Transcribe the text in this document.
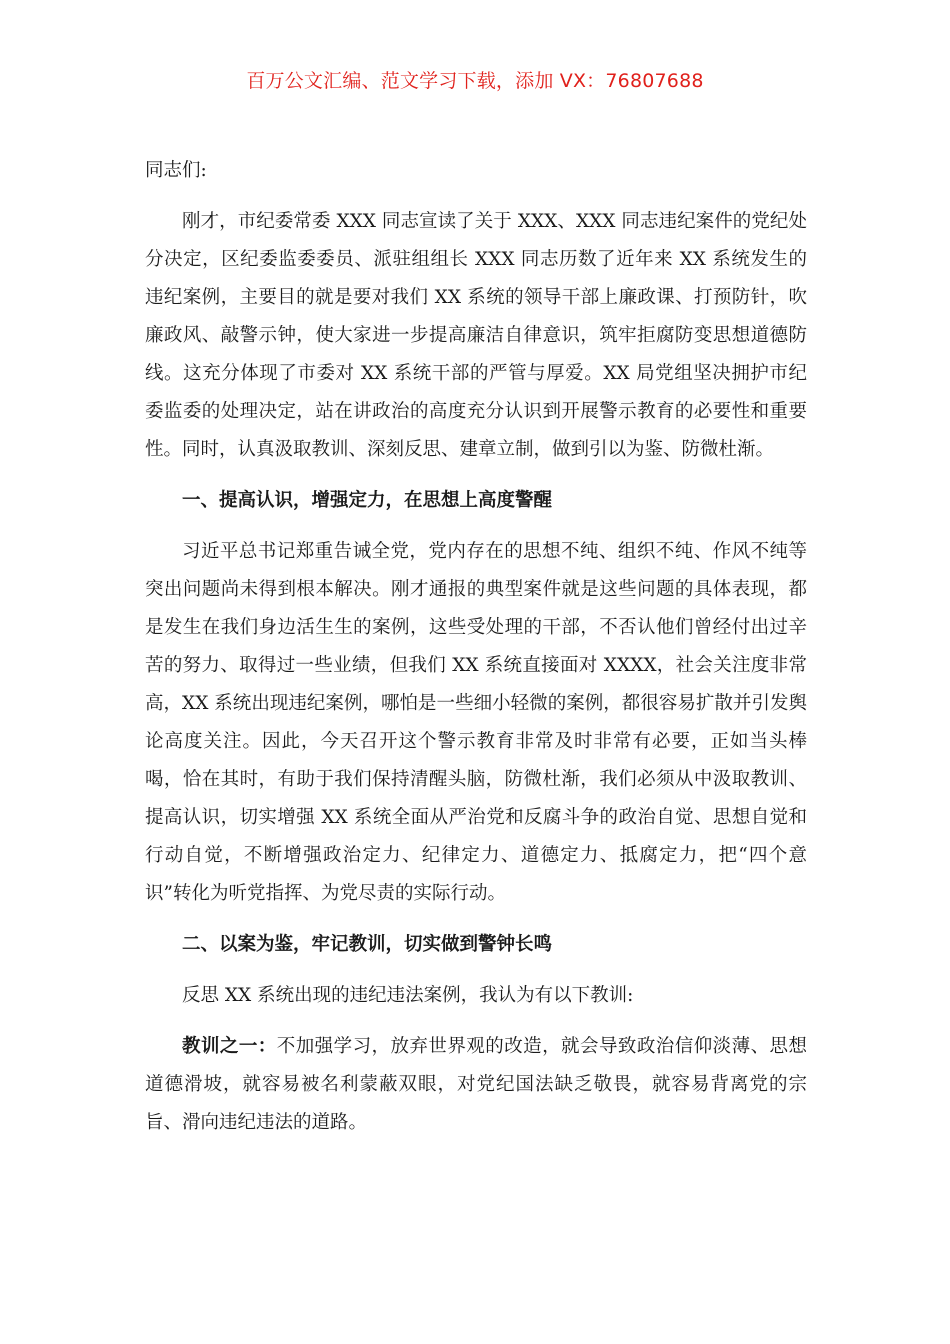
百万公文汇编、范文学习下载，添加 VX：76807688

同志们:

刚才，市纪委常委 XXX 同志宣读了关于 XXX、XXX 同志违纪案件的党纪处分决定，区纪委监委委员、派驻组组长 XXX 同志历数了近年来 XX 系统发生的违纪案例，主要目的就是要对我们 XX 系统的领导干部上廉政课、打预防针，吹廉政风、敲警示钟，使大家进一步提高廉洁自律意识，筑牢拒腐防变思想道德防线。这充分体现了市委对 XX 系统干部的严管与厚爱。XX 局党组坚决拥护市纪委监委的处理决定，站在讲政治的高度充分认识到开展警示教育的必要性和重要性。同时，认真汲取教训、深刻反思、建章立制，做到引以为鉴、防微杜渐。

一、提高认识，增强定力，在思想上高度警醒

习近平总书记郑重告诫全党，党内存在的思想不纯、组织不纯、作风不纯等突出问题尚未得到根本解决。刚才通报的典型案件就是这些问题的具体表现，都是发生在我们身边活生生的案例，这些受处理的干部，不否认他们曾经付出过辛苦的努力、取得过一些业绩，但我们 XX 系统直接面对 XXXX，社会关注度非常高，XX 系统出现违纪案例，哪怕是一些细小轻微的案例，都很容易扩散并引发舆论高度关注。因此，今天召开这个警示教育非常及时非常有必要，正如当头棒喝，恰在其时，有助于我们保持清醒头脑，防微杜渐，我们必须从中汲取教训、提高认识，切实增强 XX 系统全面从严治党和反腐斗争的政治自觉、思想自觉和行动自觉，不断增强政治定力、纪律定力、道德定力、抵腐定力，把“四个意识”转化为听党指挥、为党尽责的实际行动。

二、以案为鉴，牢记教训，切实做到警钟长鸣

反思 XX 系统出现的违纪违法案例，我认为有以下教训:

教训之一：不加强学习，放弃世界观的改造，就会导致政治信仰淡薄、思想道德滑坡，就容易被名利蒙蔽双眼，对党纪国法缺乏敬畏，就容易背离党的宗旨、滑向违纪违法的道路。
